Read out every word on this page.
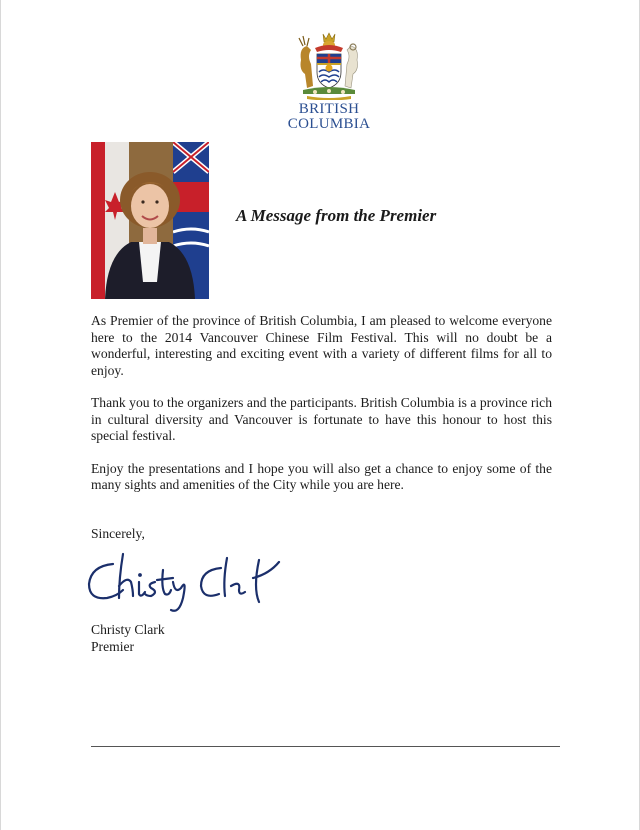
BRITISH
COLUMBIA
A Message from the Premier

As Premier of the province of British Columbia, I am pleased to welcome everyone here to the 2014 Vancouver Chinese Film Festival. This will no doubt be a wonderful, interesting and exciting event with a variety of different films for all to enjoy.

Thank you to the organizers and the participants. British Columbia is a province rich in cultural diversity and Vancouver is fortunate to have this honour to host this special festival.

Enjoy the presentations and I hope you will also get a chance to enjoy some of the many sights and amenities of the City while you are here.

Sincerely,
Christy Clark
Premier
